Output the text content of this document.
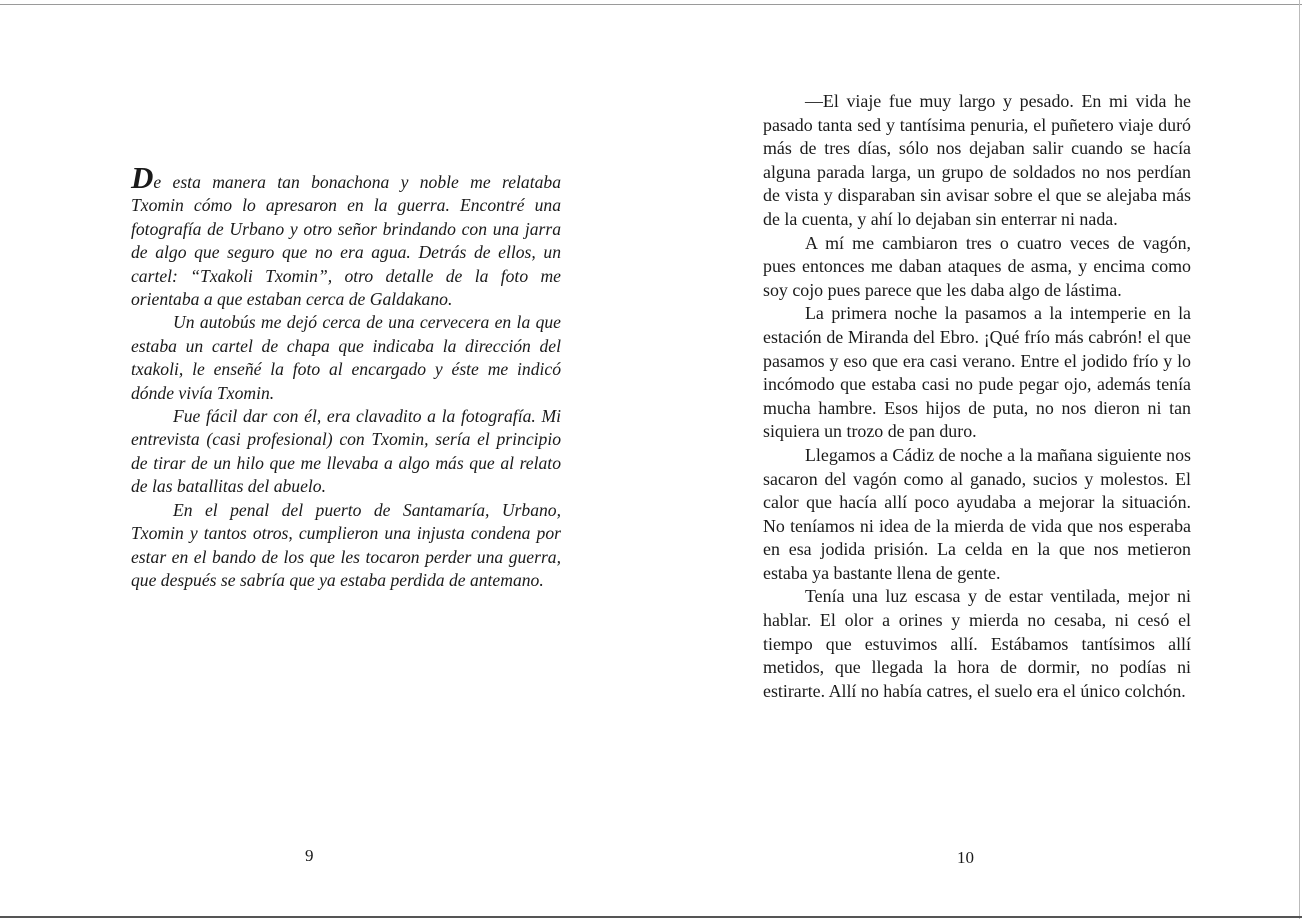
De esta manera tan bonachona y noble me relataba Txomin cómo lo apresaron en la guerra. Encontré una fotografía de Urbano y otro señor brindando con una jarra de algo que seguro que no era agua. Detrás de ellos, un cartel: “Txakoli Txomin”, otro detalle de la foto me orientaba a que estaban cerca de Galdakano.

Un autobús me dejó cerca de una cervecera en la que estaba un cartel de chapa que indicaba la dirección del txakoli, le enseñé la foto al encargado y éste me indicó dónde vivía Txomin.

Fue fácil dar con él, era clavadito a la fotografía. Mi entrevista (casi profesional) con Txomin, sería el principio de tirar de un hilo que me llevaba a algo más que al relato de las batallitas del abuelo.

En el penal del puerto de Santamaría, Urbano, Txomin y tantos otros, cumplieron una injusta condena por estar en el bando de los que les tocaron perder una guerra, que después se sabría que ya estaba perdida de antemano.

9

—El viaje fue muy largo y pesado. En mi vida he pasado tanta sed y tantísima penuria, el puñetero viaje duró más de tres días, sólo nos dejaban salir cuando se hacía alguna parada larga, un grupo de soldados no nos perdían de vista y disparaban sin avisar sobre el que se alejaba más de la cuenta, y ahí lo dejaban sin enterrar ni nada.

A mí me cambiaron tres o cuatro veces de vagón, pues entonces me daban ataques de asma, y encima como soy cojo pues parece que les daba algo de lástima.

La primera noche la pasamos a la intemperie en la estación de Miranda del Ebro. ¡Qué frío más cabrón! el que pasamos y eso que era casi verano. Entre el jodido frío y lo incómodo que estaba casi no pude pegar ojo, además tenía mucha hambre. Esos hijos de puta, no nos dieron ni tan siquiera un trozo de pan duro.

Llegamos a Cádiz de noche a la mañana siguiente nos sacaron del vagón como al ganado, sucios y molestos. El calor que hacía allí poco ayudaba a mejorar la situación. No teníamos ni idea de la mierda de vida que nos esperaba en esa jodida prisión. La celda en la que nos metieron estaba ya bastante llena de gente.

Tenía una luz escasa y de estar ventilada, mejor ni hablar. El olor a orines y mierda no cesaba, ni cesó el tiempo que estuvimos allí. Estábamos tantísimos allí metidos, que llegada la hora de dormir, no podías ni estirarte. Allí no había catres, el suelo era el único colchón.

10
